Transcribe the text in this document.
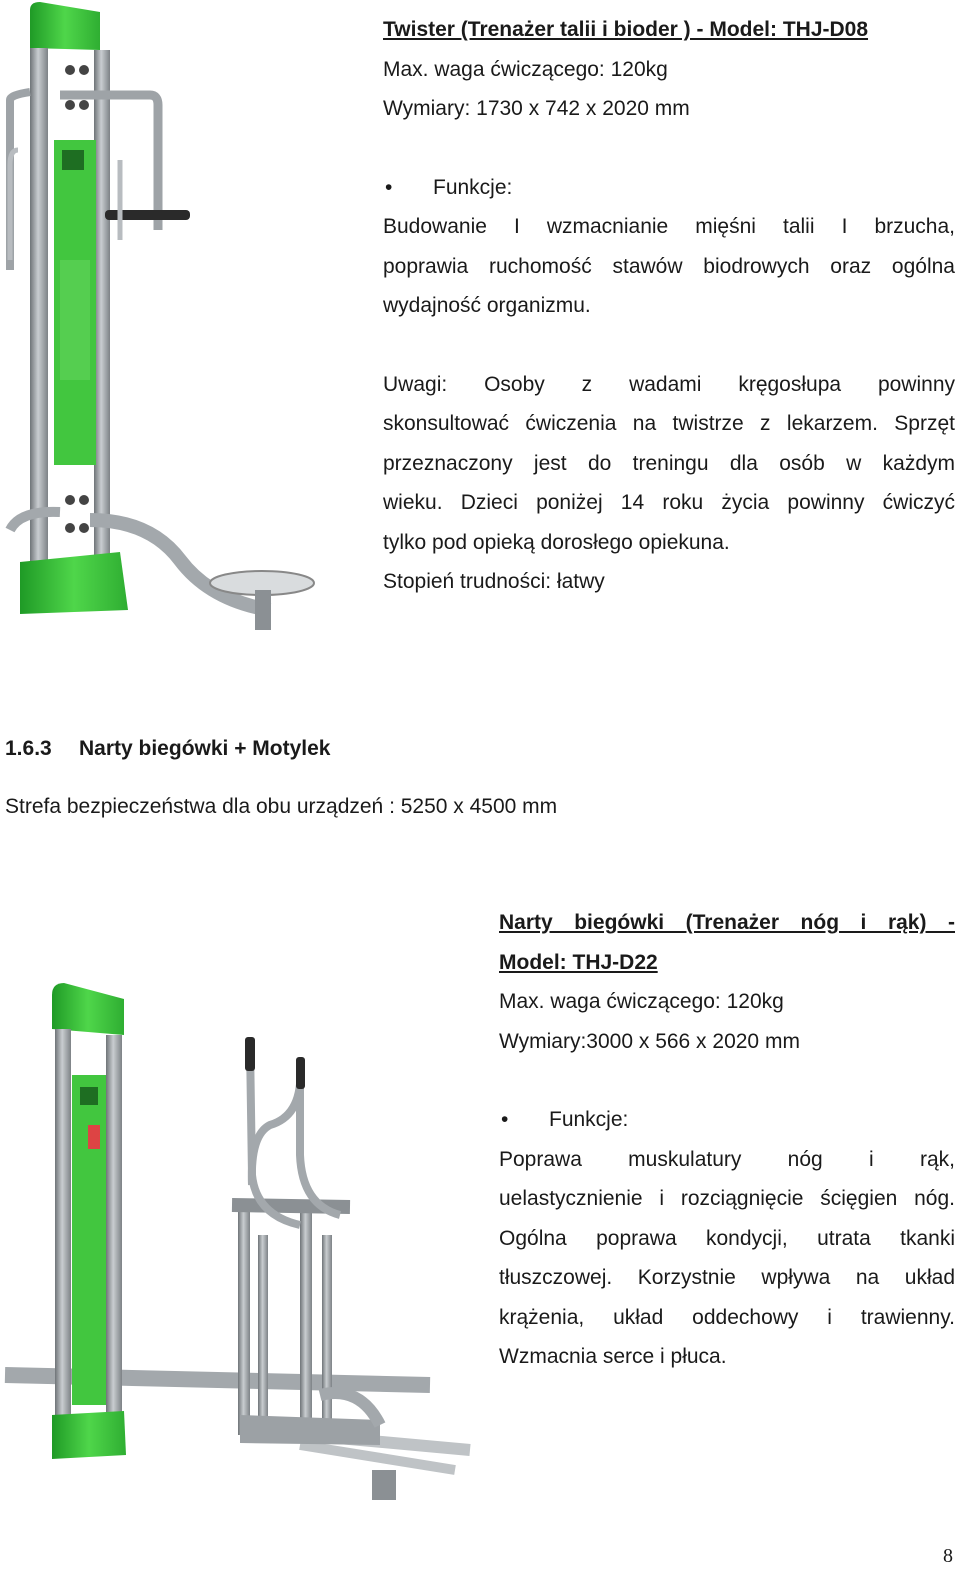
Twister (Trenażer talii i bioder ) - Model: THJ-D08
Max. waga ćwiczącego: 120kg
Wymiary: 1730 x 742 x 2020 mm
•	Funkcje:
Budowanie I wzmacnianie mięśni talii I brzucha,
poprawia ruchomość stawów biodrowych oraz ogólna
wydajność organizmu.
Uwagi: Osoby z wadami kręgosłupa powinny
skonsultować ćwiczenia na twistrze z lekarzem. Sprzęt
przeznaczony jest do treningu dla osób w każdym
wieku. Dzieci poniżej 14 roku życia powinny ćwiczyć
tylko pod opieką dorosłego opiekuna.
Stopień trudności: łatwy
1.6.3 Narty biegówki + Motylek
Strefa bezpieczeństwa dla obu urządzeń : 5250 x 4500 mm
Narty biegówki (Trenażer nóg i rąk) -
Model: THJ-D22
Max. waga ćwiczącego: 120kg
Wymiary:3000 x 566 x 2020 mm
•	Funkcje:
Poprawa muskulatury nóg i rąk,
uelastycznienie i rozciągnięcie ścięgien nóg.
Ogólna poprawa kondycji, utrata tkanki
tłuszczowej. Korzystnie wpływa na układ
krążenia, układ oddechowy i trawienny.
Wzmacnia serce i płuca.
8
